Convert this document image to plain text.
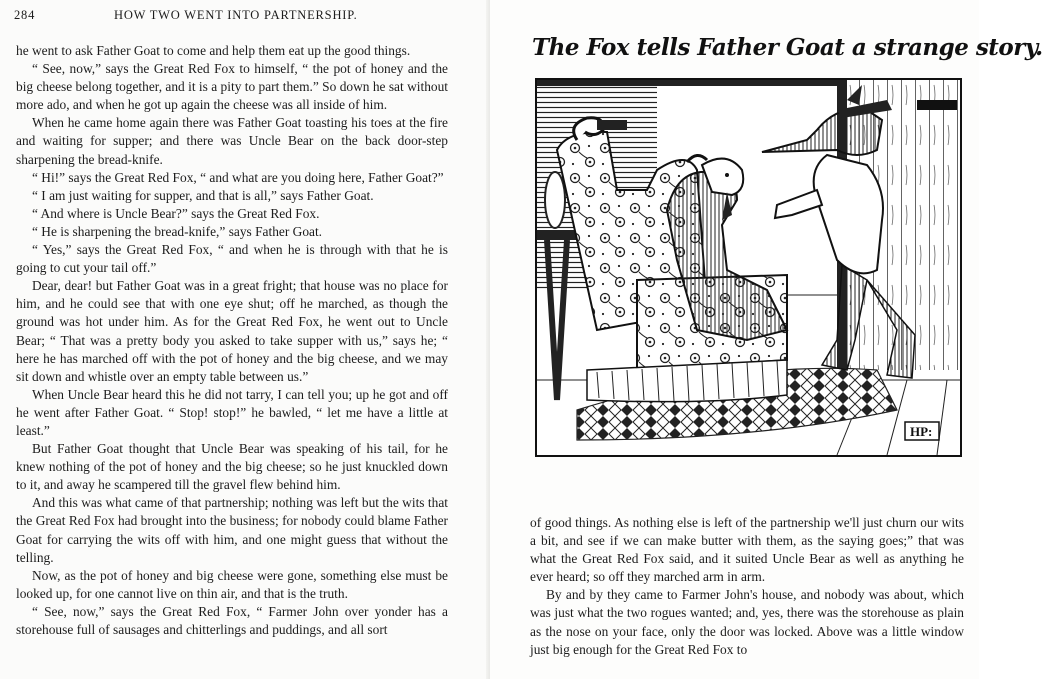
284	HOW TWO WENT INTO PARTNERSHIP.

he went to ask Father Goat to come and help them eat up the good things.

“ See, now,” says the Great Red Fox to himself, “ the pot of honey and the big cheese belong together, and it is a pity to part them.” So down he sat without more ado, and when he got up again the cheese was all inside of him.

When he came home again there was Father Goat toasting his toes at the fire and waiting for supper; and there was Uncle Bear on the back door-step sharpening the bread-knife.

“ Hi!” says the Great Red Fox, “ and what are you doing here, Father Goat?”

“ I am just waiting for supper, and that is all,” says Father Goat.

“ And where is Uncle Bear?” says the Great Red Fox.

“ He is sharpening the bread-knife,” says Father Goat.

“ Yes,” says the Great Red Fox, “ and when he is through with that he is going to cut your tail off.”

Dear, dear! but Father Goat was in a great fright; that house was no place for him, and he could see that with one eye shut; off he marched, as though the ground was hot under him. As for the Great Red Fox, he went out to Uncle Bear; “ That was a pretty body you asked to take supper with us,” says he; “ here he has marched off with the pot of honey and the big cheese, and we may sit down and whistle over an empty table between us.”

When Uncle Bear heard this he did not tarry, I can tell you; up he got and off he went after Father Goat. “ Stop! stop!” he bawled, “ let me have a little at least.”

But Father Goat thought that Uncle Bear was speaking of his tail, for he knew nothing of the pot of honey and the big cheese; so he just knuckled down to it, and away he scampered till the gravel flew behind him.

And this was what came of that partnership; nothing was left but the wits that the Great Red Fox had brought into the business; for nobody could blame Father Goat for carrying the wits off with him, and one might guess that without the telling.

Now, as the pot of honey and big cheese were gone, something else must be looked up, for one cannot live on thin air, and that is the truth.

“ See, now,” says the Great Red Fox, “ Farmer John over yonder has a storehouse full of sausages and chitterlings and puddings, and all sort

The Fox tells Father Goat a strange story.
HP:

of good things. As nothing else is left of the partnership we'll just churn our wits a bit, and see if we can make butter with them, as the saying goes;” that was what the Great Red Fox said, and it suited Uncle Bear as well as anything he ever heard; so off they marched arm in arm.

By and by they came to Farmer John's house, and nobody was about, which was just what the two rogues wanted; and, yes, there was the storehouse as plain as the nose on your face, only the door was locked. Above was a little window just big enough for the Great Red Fox to
